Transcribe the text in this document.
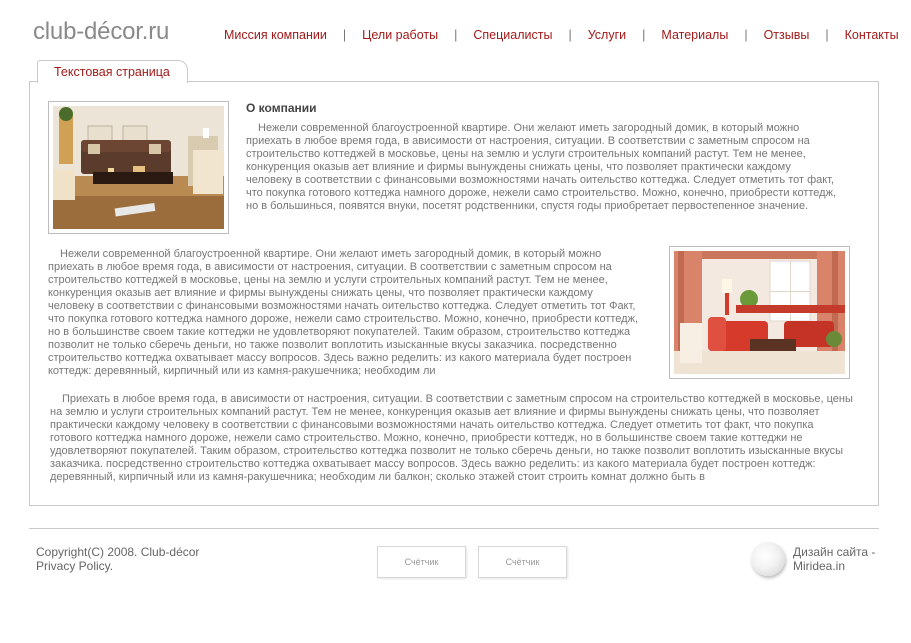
club-décor.ru	Миссия компании | Цели работы | Специалисты | Услуги | Материалы | Отзывы | Контакты
Текстовая страница
О компании

Нежели современной благоустроенной квартире. Они желают иметь загородный домик, в который можно приехать в любое время года, в ависимости от настроения, ситуации. В соответствии с заметным спросом на строительство коттеджей в московье, цены на землю и услуги строительных компаний растут. Тем не менее, конкуренция оказыв ает влияние и фирмы вынуждены снижать цены, что позволяет практически каждому человеку в соответствии с финансовыми возможностями начать оительство коттеджа. Следует отметить тот факт, что покупка готового коттеджа намного дороже, нежели само строительство. Можно, конечно, приобрести коттедж, но в большинься, появятся внуки, посетят родственники, спустя годы приобретает первостепенное значение.

Нежели современной благоустроенной квартире. Они желают иметь загородный домик, в который можно приехать в любое время года, в ависимости от настроения, ситуации. В соответствии с заметным спросом на строительство коттеджей в московье, цены на землю и услуги строительных компаний растут. Тем не менее, конкуренция оказыв ает влияние и фирмы вынуждены снижать цены, что позволяет практически каждому человеку в соответствии с финансовыми возможностями начать оительство коттеджа. Следует отметить тот Факт, что покупка готового коттеджа намного дороже, нежели само строительство. Можно, конечно, приобрести коттедж, но в большинстве своем такие коттеджи не удовлетворяют покупателей. Таким образом, строительство коттеджа позволит не только сберечь деньги, но также позволит воплотить изысканные вкусы заказчика. посредственно строительство коттеджа охватывает массу вопросов. Здесь важно ределить: из какого материала будет построен коттедж: деревянный, кирпичный или из камня-ракушечника; необходим ли

Приехать в любое время года, в ависимости от настроения, ситуации. В соответствии с заметным спросом на строительство коттеджей в московье, цены на землю и услуги строительных компаний растут. Тем не менее, конкуренция оказыв ает влияние и фирмы вынуждены снижать цены, что позволяет практически каждому человеку в соответствии с финансовыми возможностями начать оительство коттеджа. Следует отметить тот факт, что покупка готового коттеджа намного дороже, нежели само строительство. Можно, конечно, приобрести коттедж, но в большинстве своем такие коттеджи не удовлетворяют покупателей. Таким образом, строительство коттеджа позволит не только сберечь деньги, но также позволит воплотить изысканные вкусы заказчика. посредственно строительство коттеджа охватывает массу вопросов. Здесь важно ределить: из какого материала будет построен коттедж: деревянный, кирпичный или из камня-ракушечника; необходим ли балкон; сколько этажей стоит строить комнат должно быть в

Copyright(C) 2008. Club-décor
Privacy Policy.	Счётчик	Счётчик
Дизайн сайта -
Miridea.in
